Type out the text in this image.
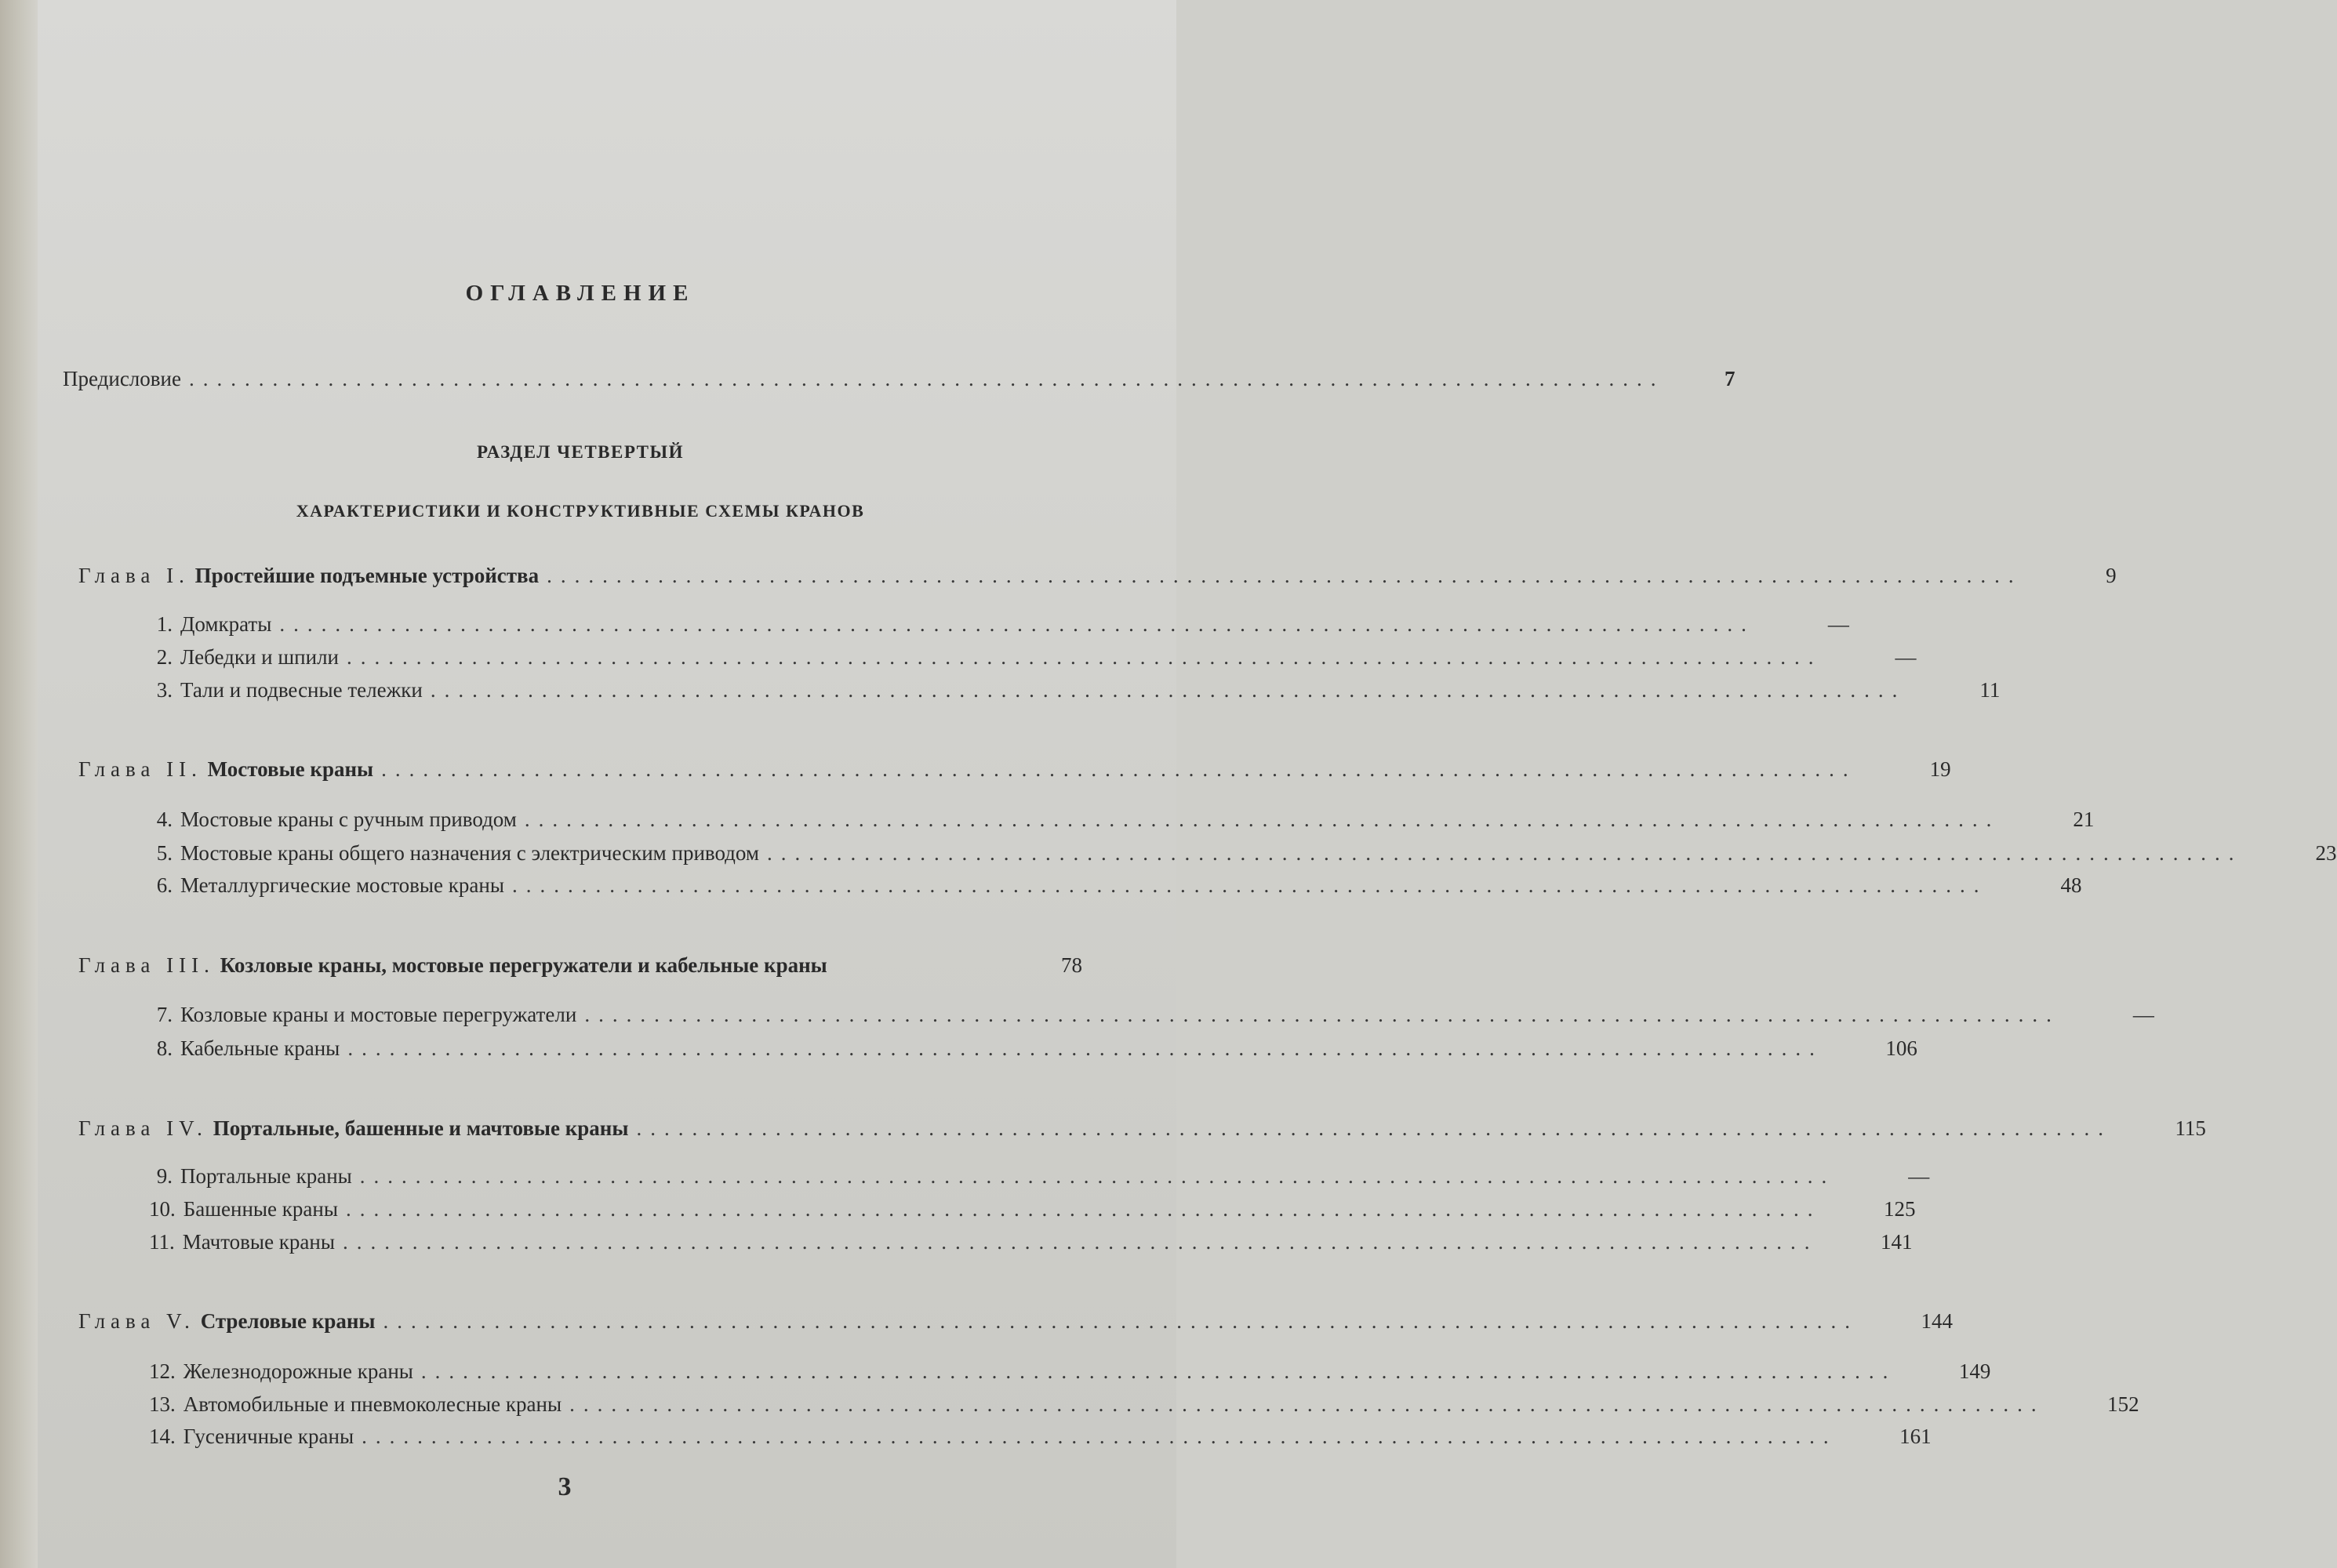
ОГЛАВЛЕНИЕ
Предисловие ..........................................................................................................	7
РАЗДЕЛ ЧЕТВЕРТЫЙ
ХАРАКТЕРИСТИКИ И КОНСТРУКТИВНЫЕ СХЕМЫ КРАНОВ
Глава I. Простейшие подъемные устройства ..........................................................................................................	9
1. Домкраты ..........................................................................................................	—
2. Лебедки и шпили ..........................................................................................................	—
3. Тали и подвесные тележки ..........................................................................................................	11
Глава II. Мостовые краны ..........................................................................................................	19
4. Мостовые краны с ручным приводом ..........................................................................................................	21
5. Мостовые краны общего назначения с электрическим приводом ..........................................................................................................	23
6. Металлургические мостовые краны ..........................................................................................................	48
Глава III. Козловые краны, мостовые перегружатели и кабельные краны	78
7. Козловые краны и мостовые перегружатели ..........................................................................................................	—
8. Кабельные краны ..........................................................................................................	106
Глава IV. Портальные, башенные и мачтовые краны ..........................................................................................................	115
9. Портальные краны ..........................................................................................................	—
10. Башенные краны ..........................................................................................................	125
11. Мачтовые краны ..........................................................................................................	141
Глава V. Стреловые краны ..........................................................................................................	144
12. Железнодорожные краны ..........................................................................................................	149
13. Автомобильные и пневмоколесные краны ..........................................................................................................	152
14. Гусеничные краны ..........................................................................................................	161
3
